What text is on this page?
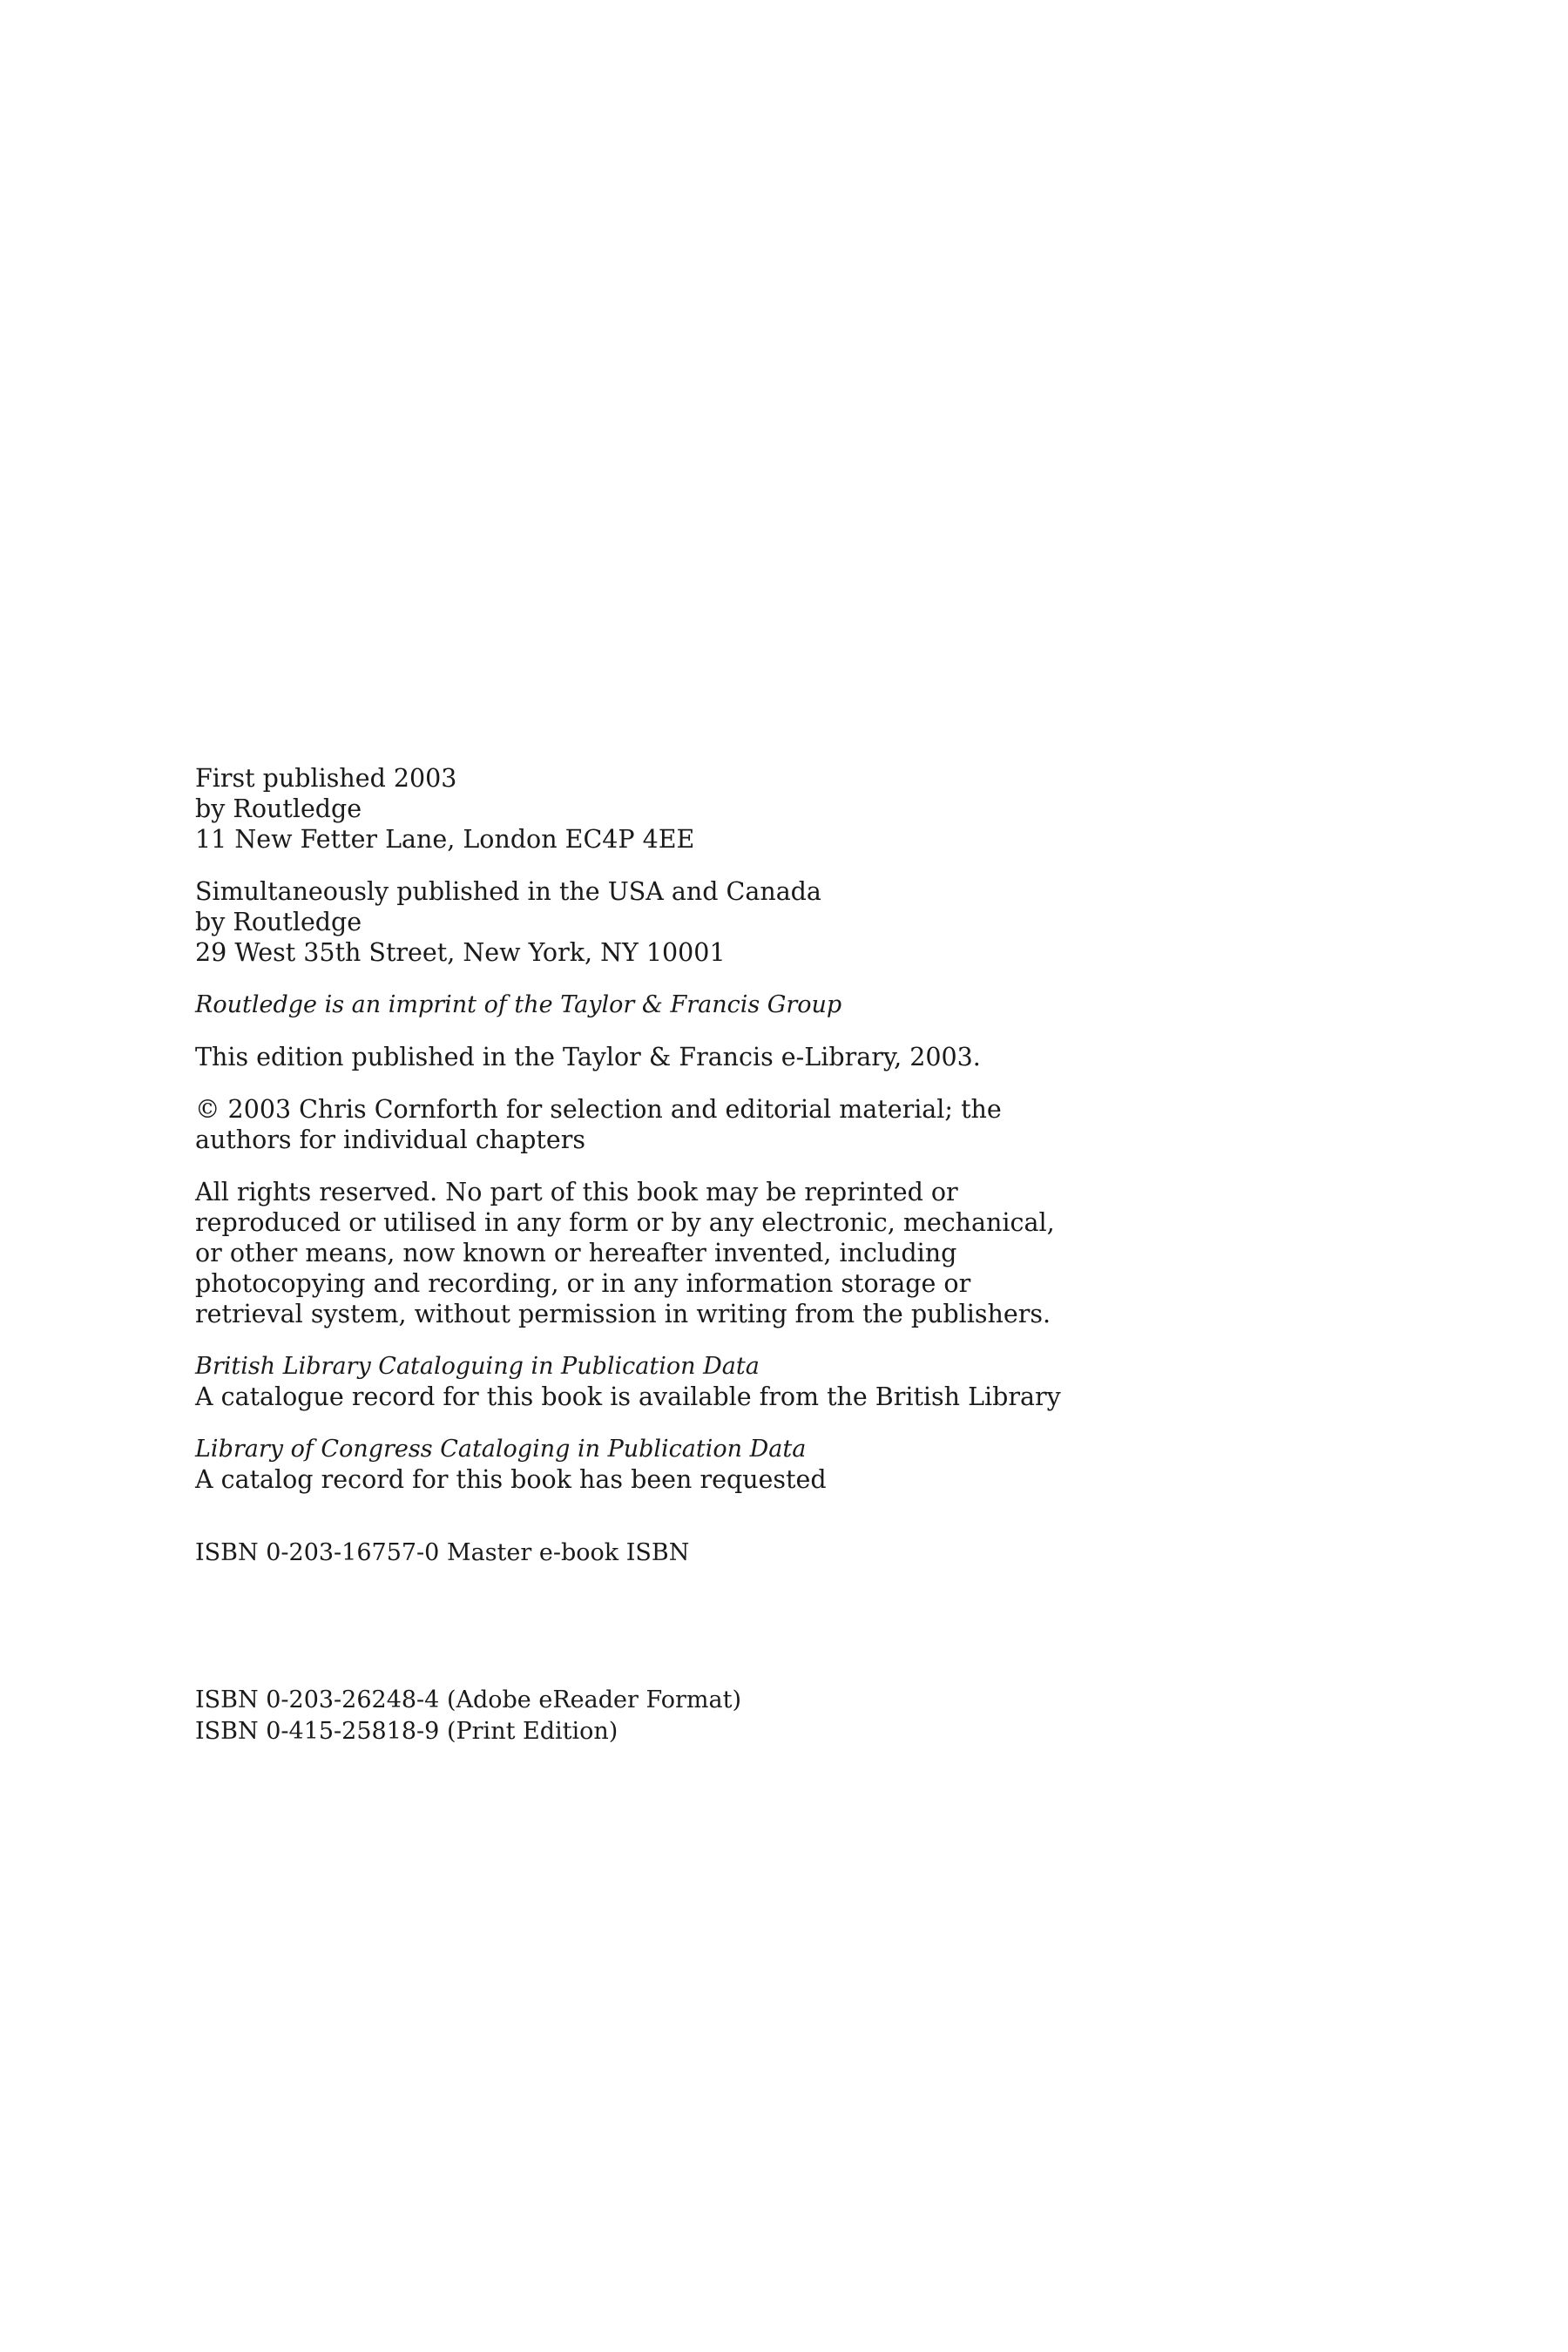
First published 2003
by Routledge
11 New Fetter Lane, London EC4P 4EE

Simultaneously published in the USA and Canada
by Routledge
29 West 35th Street, New York, NY 10001

Routledge is an imprint of the Taylor & Francis Group

This edition published in the Taylor & Francis e-Library, 2003.

© 2003 Chris Cornforth for selection and editorial material; the
authors for individual chapters

All rights reserved. No part of this book may be reprinted or
reproduced or utilised in any form or by any electronic, mechanical,
or other means, now known or hereafter invented, including
photocopying and recording, or in any information storage or
retrieval system, without permission in writing from the publishers.

British Library Cataloguing in Publication Data
A catalogue record for this book is available from the British Library

Library of Congress Cataloging in Publication Data
A catalog record for this book has been requested

ISBN 0-203-16757-0 Master e-book ISBN
ISBN 0-203-26248-4 (Adobe eReader Format)
ISBN 0-415-25818-9 (Print Edition)
